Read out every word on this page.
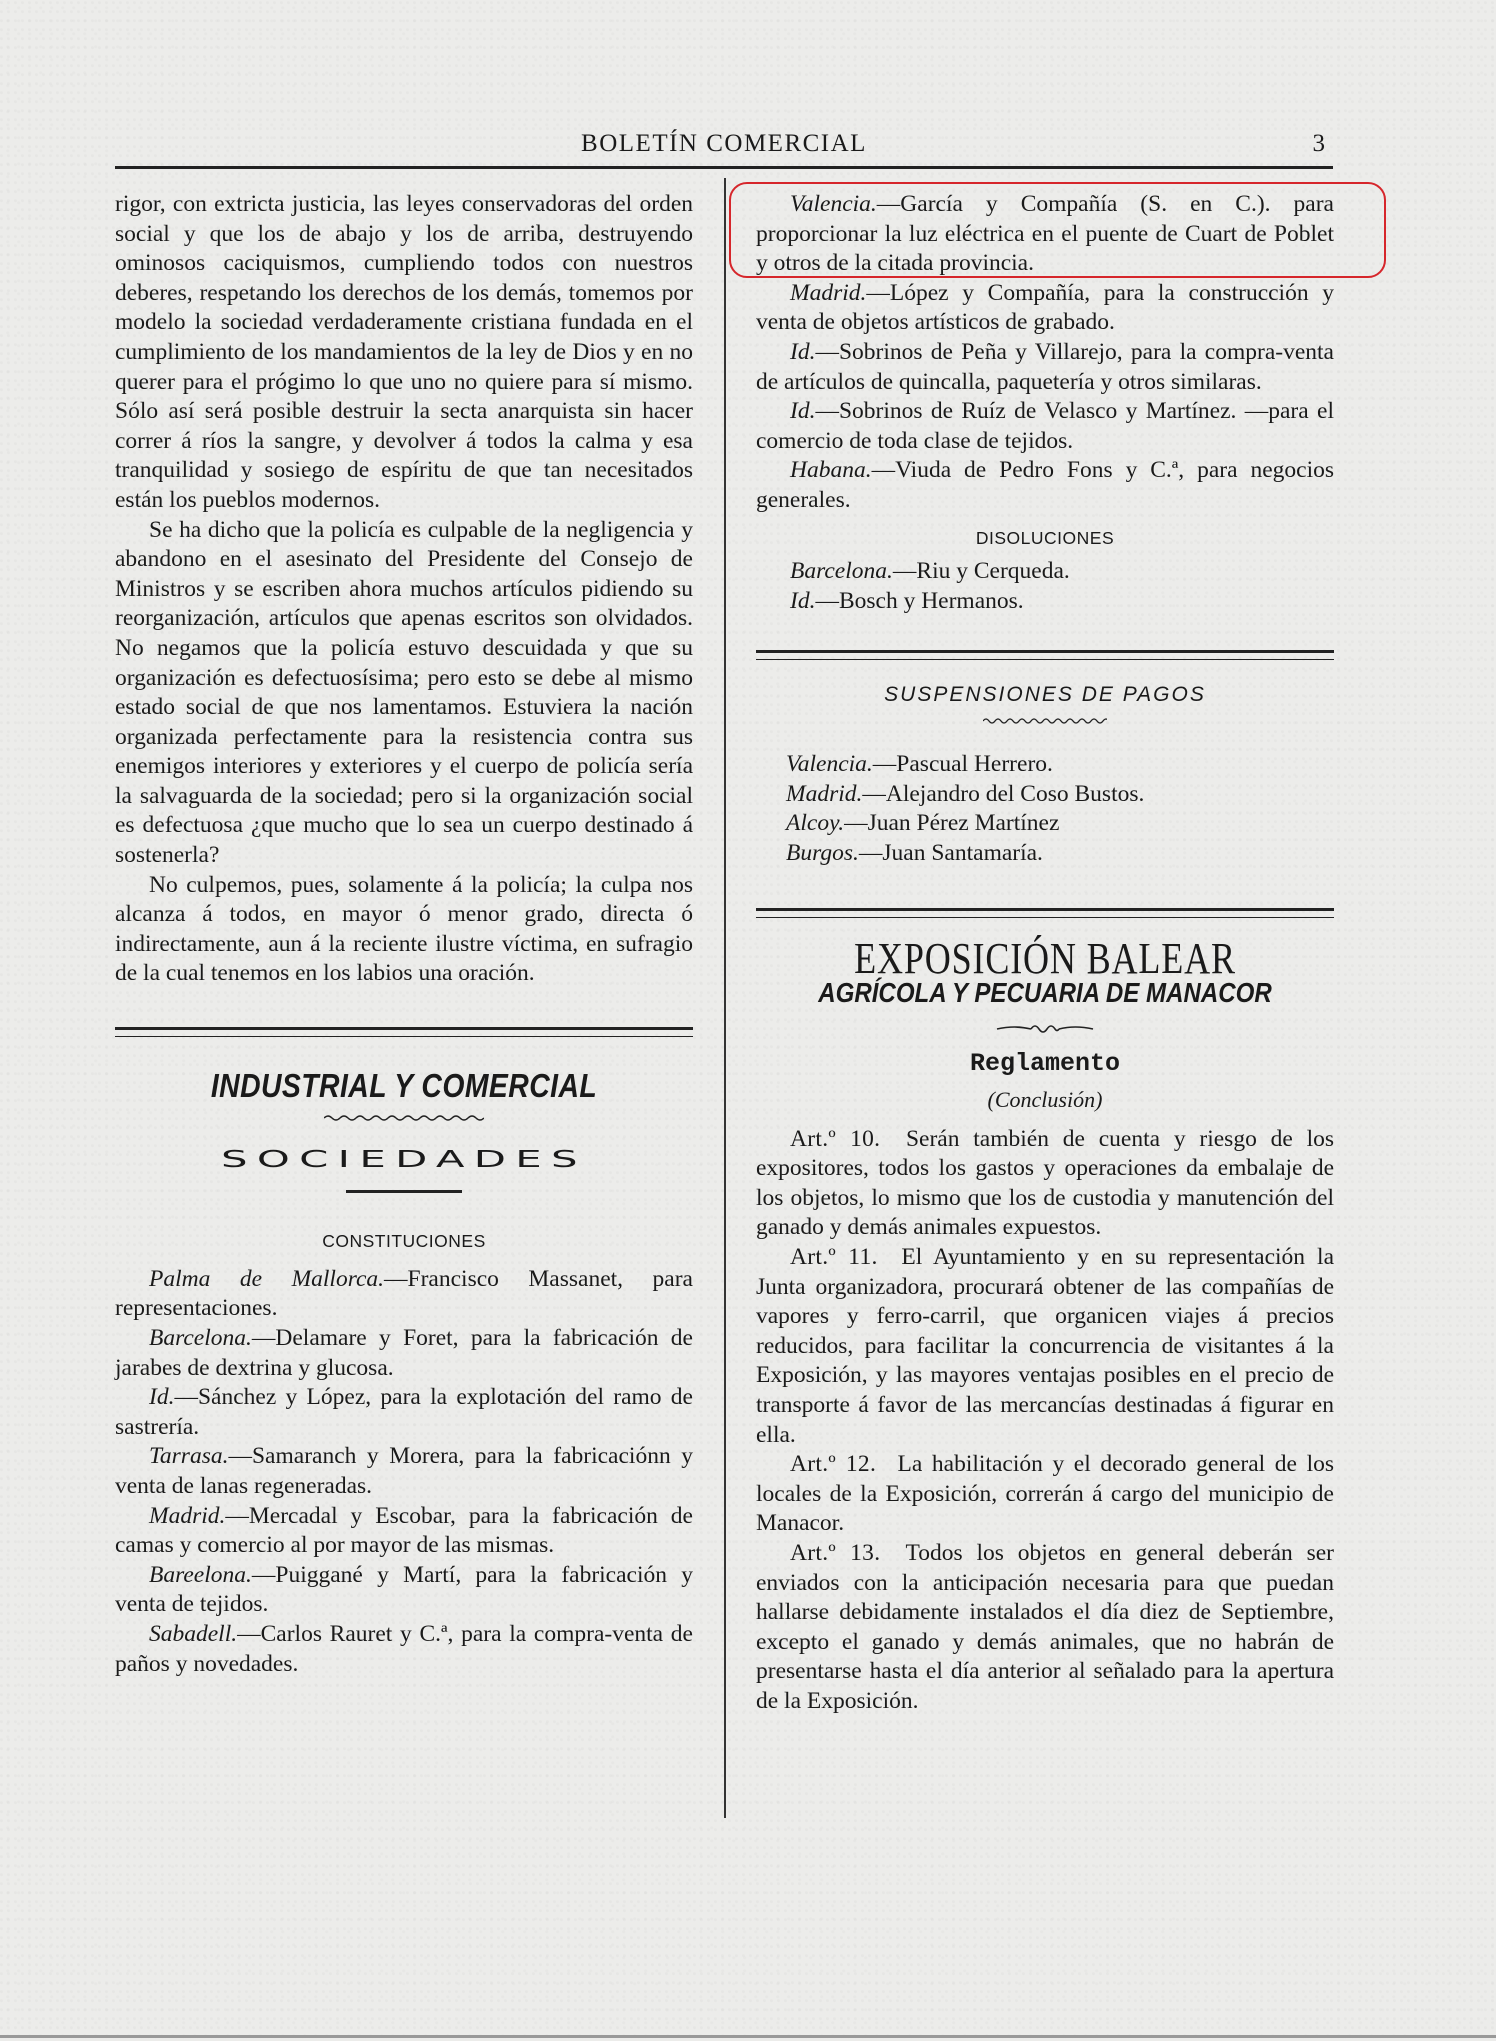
BOLETÍN COMERCIAL	3

rigor, con extricta justicia, las leyes conservadoras del orden social y que los de abajo y los de arriba, destruyendo ominosos caciquismos, cumpliendo todos con nuestros deberes, respetando los derechos de los demás, tomemos por modelo la sociedad verdaderamente cristiana fundada en el cumplimiento de los mandamientos de la ley de Dios y en no querer para el prógimo lo que uno no quiere para sí mismo. Sólo así será posible destruir la secta anarquista sin hacer correr á ríos la sangre, y devolver á todos la calma y esa tranquilidad y sosiego de espíritu de que tan necesitados están los pueblos modernos.

Se ha dicho que la policía es culpable de la negligencia y abandono en el asesinato del Presidente del Consejo de Ministros y se escriben ahora muchos artículos pidiendo su reorganización, artículos que apenas escritos son olvidados. No negamos que la policía estuvo descuidada y que su organización es defectuosísima; pero esto se debe al mismo estado social de que nos lamentamos. Estuviera la nación organizada perfectamente para la resistencia contra sus enemigos interiores y exteriores y el cuerpo de policía sería la salvaguarda de la sociedad; pero si la organización social es defectuosa ¿que mucho que lo sea un cuerpo destinado á sostenerla?

No culpemos, pues, solamente á la policía; la culpa nos alcanza á todos, en mayor ó menor grado, directa ó indirectamente, aun á la reciente ilustre víctima, en sufragio de la cual tenemos en los labios una oración.

INDUSTRIAL Y COMERCIAL

SOCIEDADES

CONSTITUCIONES

Palma de Mallorca.—Francisco Massanet, para representaciones.

Barcelona.—Delamare y Foret, para la fabricación de jarabes de dextrina y glucosa.

Id.—Sánchez y López, para la explotación del ramo de sastrería.

Tarrasa.—Samaranch y Morera, para la fabricaciónn y venta de lanas regeneradas.

Madrid.—Mercadal y Escobar, para la fabricación de camas y comercio al por mayor de las mismas.

Bareelona.—Puiggané y Martí, para la fabricación y venta de tejidos.

Sabadell.—Carlos Rauret y C.ª, para la compra-venta de paños y novedades.

Valencia.—García y Compañía (S. en C.). para proporcionar la luz eléctrica en el puente de Cuart de Poblet y otros de la citada provincia.

Madrid.—López y Compañía, para la construcción y venta de objetos artísticos de grabado.

Id.—Sobrinos de Peña y Villarejo, para la compra-venta de artículos de quincalla, paquetería y otros similaras.

Id.—Sobrinos de Ruíz de Velasco y Martínez. —para el comercio de toda clase de tejidos.

Habana.—Viuda de Pedro Fons y C.ª, para negocios generales.

DISOLUCIONES

Barcelona.—Riu y Cerqueda.

Id.—Bosch y Hermanos.

SUSPENSIONES DE PAGOS

Valencia.—Pascual Herrero.

Madrid.—Alejandro del Coso Bustos.

Alcoy.—Juan Pérez Martínez

Burgos.—Juan Santamaría.

EXPOSICIÓN BALEAR

AGRÍCOLA Y PECUARIA DE MANACOR

Reglamento

(Conclusión)

Art.º 10.  Serán también de cuenta y riesgo de los expositores, todos los gastos y operaciones da embalaje de los objetos, lo mismo que los de custodia y manutención del ganado y demás animales expuestos.

Art.º 11.  El Ayuntamiento y en su representación la Junta organizadora, procurará obtener de las compañías de vapores y ferro-carril, que organicen viajes á precios reducidos, para facilitar la concurrencia de visitantes á la Exposición, y las mayores ventajas posibles en el precio de transporte á favor de las mercancías destinadas á figurar en ella.

Art.º 12.  La habilitación y el decorado general de los locales de la Exposición, correrán á cargo del municipio de Manacor.

Art.º 13.  Todos los objetos en general deberán ser enviados con la anticipación necesaria para que puedan hallarse debidamente instalados el día diez de Septiembre, excepto el ganado y demás animales, que no habrán de presentarse hasta el día anterior al señalado para la apertura de la Exposición.
